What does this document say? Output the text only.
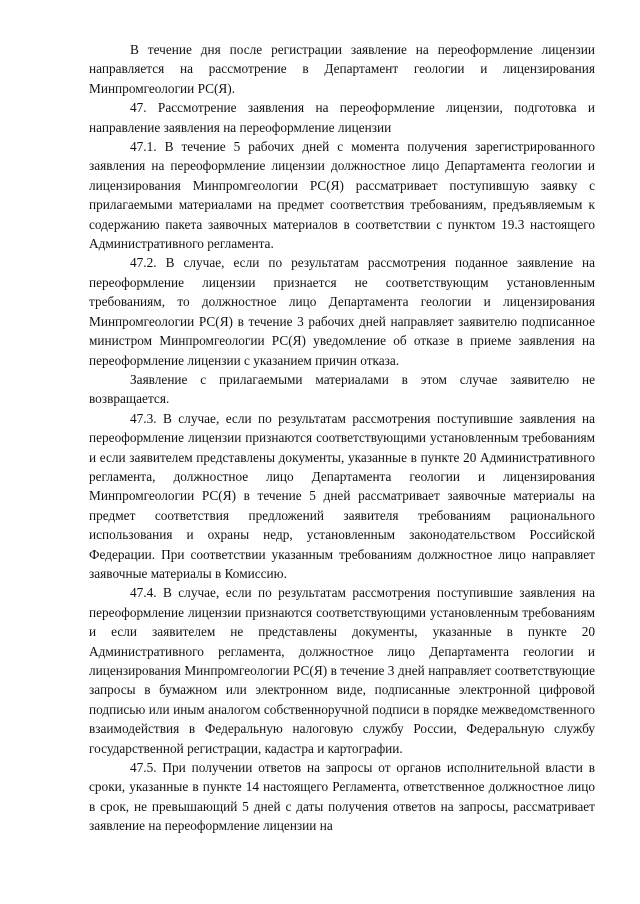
В течение дня после регистрации заявление на переоформление лицензии направляется на рассмотрение в Департамент геологии и лицензирования Минпромгеологии РС(Я).

47. Рассмотрение заявления на переоформление лицензии, подготовка и направление заявления на переоформление лицензии

47.1. В течение 5 рабочих дней с момента получения зарегистрированного заявления на переоформление лицензии должностное лицо Департамента геологии и лицензирования Минпромгеологии РС(Я) рассматривает поступившую заявку с прилагаемыми материалами на предмет соответствия требованиям, предъявляемым к содержанию пакета заявочных материалов в соответствии с пунктом 19.3 настоящего Административного регламента.

47.2. В случае, если по результатам рассмотрения поданное заявление на переоформление лицензии признается не соответствующим установленным требованиям, то должностное лицо Департамента геологии и лицензирования Минпромгеологии РС(Я) в течение 3 рабочих дней направляет заявителю подписанное министром Минпромгеологии РС(Я) уведомление об отказе в приеме заявления на переоформление лицензии с указанием причин отказа.

Заявление с прилагаемыми материалами в этом случае заявителю не возвращается.

47.3. В случае, если по результатам рассмотрения поступившие заявления на переоформление лицензии признаются соответствующими установленным требованиям и если заявителем представлены документы, указанные в пункте 20 Административного регламента, должностное лицо Департамента геологии и лицензирования Минпромгеологии РС(Я) в течение 5 дней рассматривает заявочные материалы на предмет соответствия предложений заявителя требованиям рационального использования и охраны недр, установленным законодательством Российской Федерации. При соответствии указанным требованиям должностное лицо направляет заявочные материалы в Комиссию.

47.4. В случае, если по результатам рассмотрения поступившие заявления на переоформление лицензии признаются соответствующими установленным требованиям и если заявителем не представлены документы, указанные в пункте 20 Административного регламента, должностное лицо Департамента геологии и лицензирования Минпромгеологии РС(Я) в течение 3 дней направляет соответствующие запросы в бумажном или электронном виде, подписанные электронной цифровой подписью или иным аналогом собственноручной подписи в порядке межведомственного взаимодействия в Федеральную налоговую службу России, Федеральную службу государственной регистрации, кадастра и картографии.

47.5. При получении ответов на запросы от органов исполнительной власти в сроки, указанные в пункте 14 настоящего Регламента, ответственное должностное лицо в срок, не превышающий 5 дней с даты получения ответов на запросы, рассматривает заявление на переоформление лицензии на
